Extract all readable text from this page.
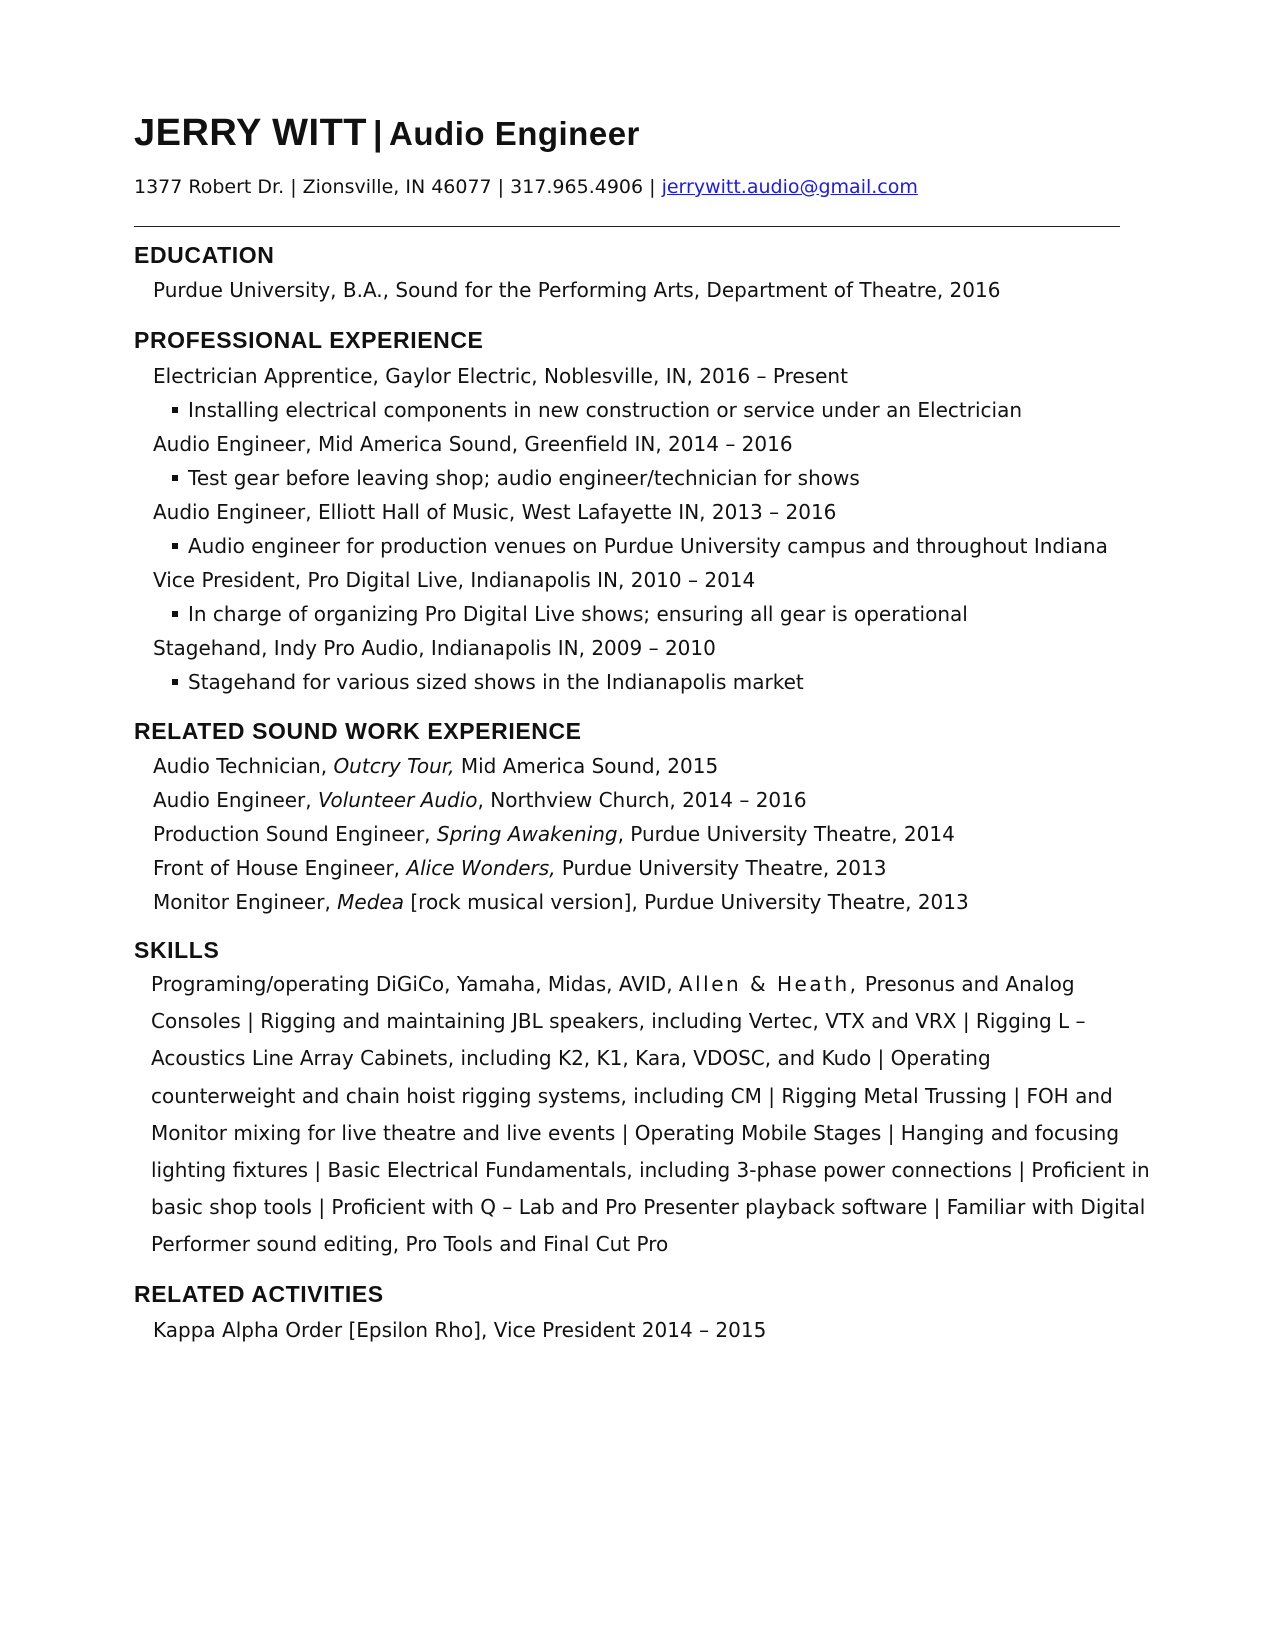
JERRY WITT | Audio Engineer
1377 Robert Dr. | Zionsville, IN 46077 | 317.965.4906 | jerrywitt.audio@gmail.com
EDUCATION
Purdue University, B.A., Sound for the Performing Arts, Department of Theatre, 2016
PROFESSIONAL EXPERIENCE
Electrician Apprentice, Gaylor Electric, Noblesville, IN, 2016 – Present
Installing electrical components in new construction or service under an Electrician
Audio Engineer, Mid America Sound, Greenfield IN, 2014 – 2016
Test gear before leaving shop; audio engineer/technician for shows
Audio Engineer, Elliott Hall of Music, West Lafayette IN, 2013 – 2016
Audio engineer for production venues on Purdue University campus and throughout Indiana
Vice President, Pro Digital Live, Indianapolis IN, 2010 – 2014
In charge of organizing Pro Digital Live shows; ensuring all gear is operational
Stagehand, Indy Pro Audio, Indianapolis IN, 2009 – 2010
Stagehand for various sized shows in the Indianapolis market
RELATED SOUND WORK EXPERIENCE
Audio Technician, Outcry Tour, Mid America Sound, 2015
Audio Engineer, Volunteer Audio, Northview Church, 2014 – 2016
Production Sound Engineer, Spring Awakening, Purdue University Theatre, 2014
Front of House Engineer, Alice Wonders, Purdue University Theatre, 2013
Monitor Engineer, Medea [rock musical version], Purdue University Theatre, 2013
SKILLS
Programing/operating DiGiCo, Yamaha, Midas, AVID, Allen & Heath, Presonus and Analog
Consoles | Rigging and maintaining JBL speakers, including Vertec, VTX and VRX | Rigging L –
Acoustics Line Array Cabinets, including K2, K1, Kara, VDOSC, and Kudo | Operating
counterweight and chain hoist rigging systems, including CM | Rigging Metal Trussing | FOH and
Monitor mixing for live theatre and live events | Operating Mobile Stages | Hanging and focusing
lighting fixtures | Basic Electrical Fundamentals, including 3-phase power connections | Proficient in
basic shop tools | Proficient with Q – Lab and Pro Presenter playback software | Familiar with Digital
Performer sound editing, Pro Tools and Final Cut Pro
RELATED ACTIVITIES
Kappa Alpha Order [Epsilon Rho], Vice President 2014 – 2015
